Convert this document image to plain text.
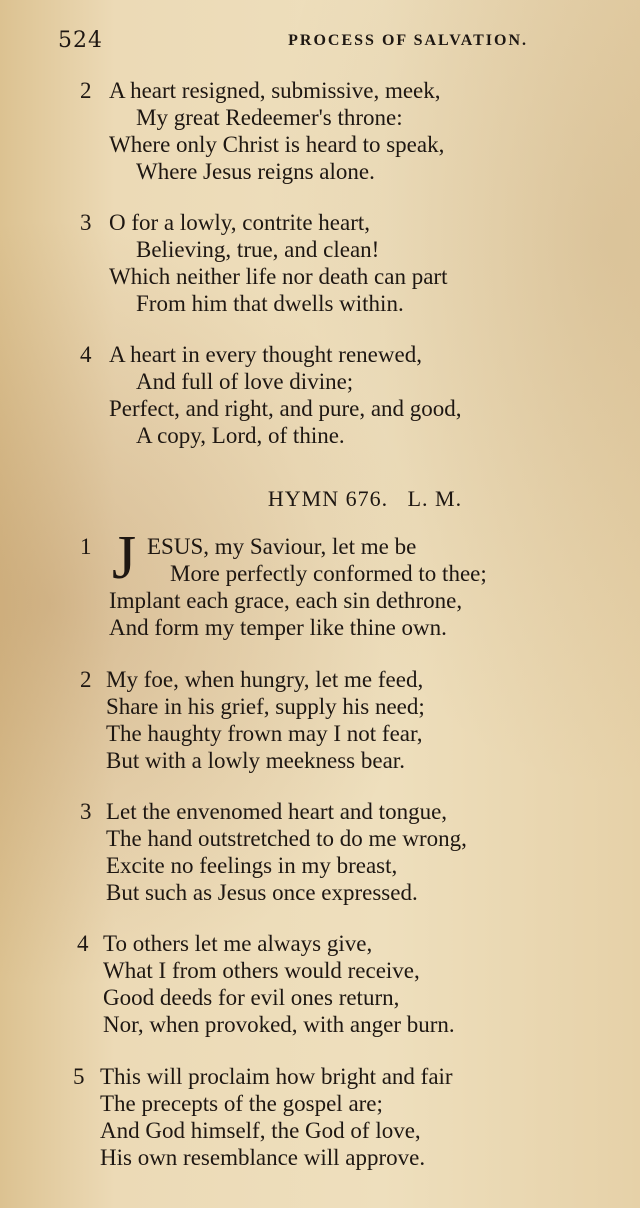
524	PROCESS OF SALVATION.
2 A heart resigned, submissive, meek,
My great Redeemer's throne:
Where only Christ is heard to speak,
Where Jesus reigns alone.
3 O for a lowly, contrite heart,
Believing, true, and clean!
Which neither life nor death can part
From him that dwells within.
4 A heart in every thought renewed,
And full of love divine;
Perfect, and right, and pure, and good,
A copy, Lord, of thine.
HYMN 676.   L. M.
1 J ESUS, my Saviour, let me be
More perfectly conformed to thee;
Implant each grace, each sin dethrone,
And form my temper like thine own.
2 My foe, when hungry, let me feed,
Share in his grief, supply his need;
The haughty frown may I not fear,
But with a lowly meekness bear.
3 Let the envenomed heart and tongue,
The hand outstretched to do me wrong,
Excite no feelings in my breast,
But such as Jesus once expressed.
4 To others let me always give,
What I from others would receive,
Good deeds for evil ones return,
Nor, when provoked, with anger burn.
5 This will proclaim how bright and fair
The precepts of the gospel are;
And God himself, the God of love,
His own resemblance will approve.
